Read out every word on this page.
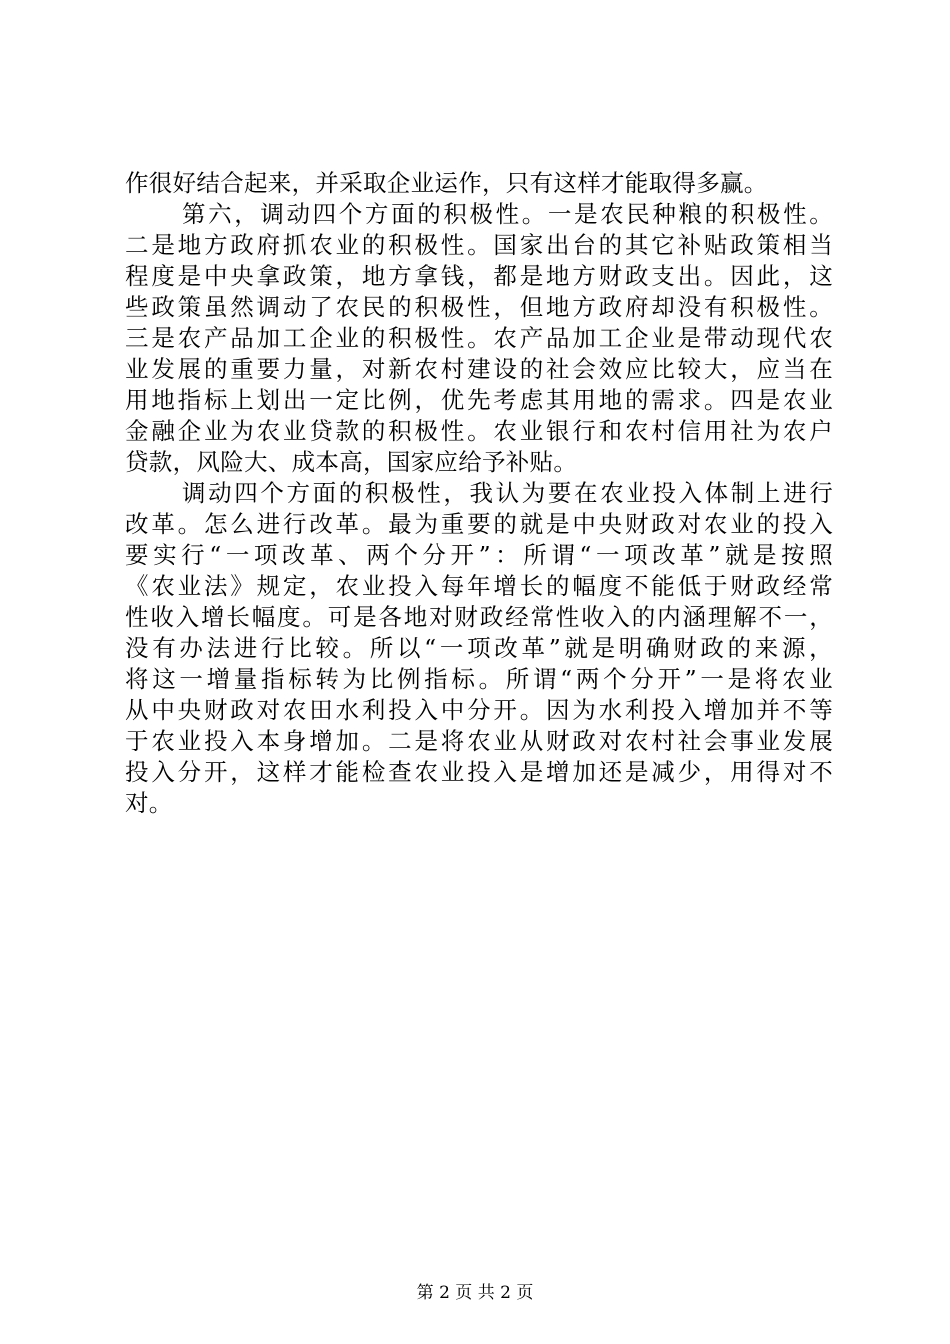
作很好结合起来，并采取企业运作，只有这样才能取得多赢。
第六，调动四个方面的积极性。一是农民种粮的积极性。
二是地方政府抓农业的积极性。国家出台的其它补贴政策相当
程度是中央拿政策，地方拿钱，都是地方财政支出。因此，这
些政策虽然调动了农民的积极性，但地方政府却没有积极性。
三是农产品加工企业的积极性。农产品加工企业是带动现代农
业发展的重要力量，对新农村建设的社会效应比较大，应当在
用地指标上划出一定比例，优先考虑其用地的需求。四是农业
金融企业为农业贷款的积极性。农业银行和农村信用社为农户
贷款，风险大、成本高，国家应给予补贴。
调动四个方面的积极性，我认为要在农业投入体制上进行
改革。怎么进行改革。最为重要的就是中央财政对农业的投入
要实行“一项改革、两个分开”：所谓“一项改革”就是按照
《农业法》规定，农业投入每年增长的幅度不能低于财政经常
性收入增长幅度。可是各地对财政经常性收入的内涵理解不一，
没有办法进行比较。所以“一项改革”就是明确财政的来源，
将这一增量指标转为比例指标。所谓“两个分开”一是将农业
从中央财政对农田水利投入中分开。因为水利投入增加并不等
于农业投入本身增加。二是将农业从财政对农村社会事业发展
投入分开，这样才能检查农业投入是增加还是减少，用得对不
对。
第 2 页 共 2 页
